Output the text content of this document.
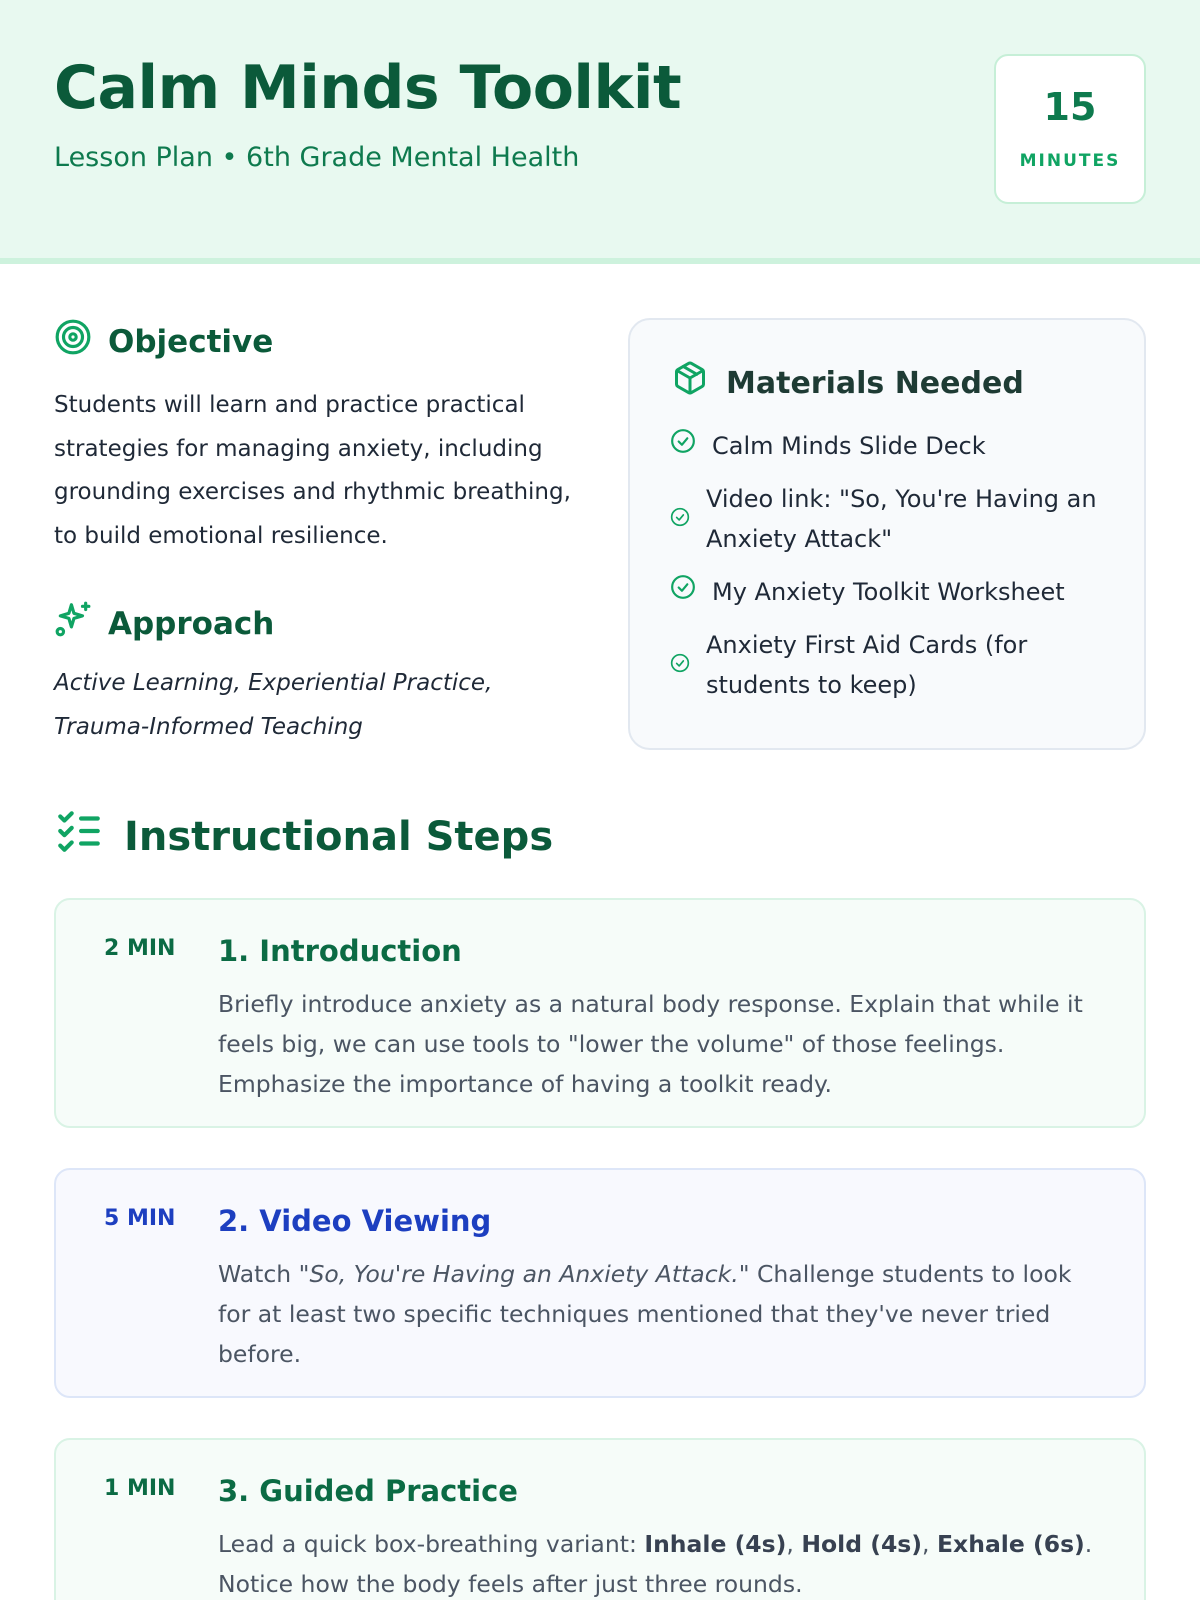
Calm Minds Toolkit
Lesson Plan • 6th Grade Mental Health
15
MINUTES
Objective

Students will learn and practice practical strategies for managing anxiety, including grounding exercises and rhythmic breathing, to build emotional resilience.

Approach

Active Learning, Experiential Practice, Trauma-Informed Teaching

Materials Needed
Calm Minds Slide Deck
Video link: "So, You're Having an Anxiety Attack"
My Anxiety Toolkit Worksheet
Anxiety First Aid Cards (for students to keep)
Instructional Steps
2 MIN 1. Introduction

Briefly introduce anxiety as a natural body response. Explain that while it feels big, we can use tools to "lower the volume" of those feelings. Emphasize the importance of having a toolkit ready.

5 MIN 2. Video Viewing

Watch "So, You're Having an Anxiety Attack." Challenge students to look for at least two specific techniques mentioned that they've never tried before.

1 MIN 3. Guided Practice

Lead a quick box-breathing variant: Inhale (4s), Hold (4s), Exhale (6s). Notice how the body feels after just three rounds.
